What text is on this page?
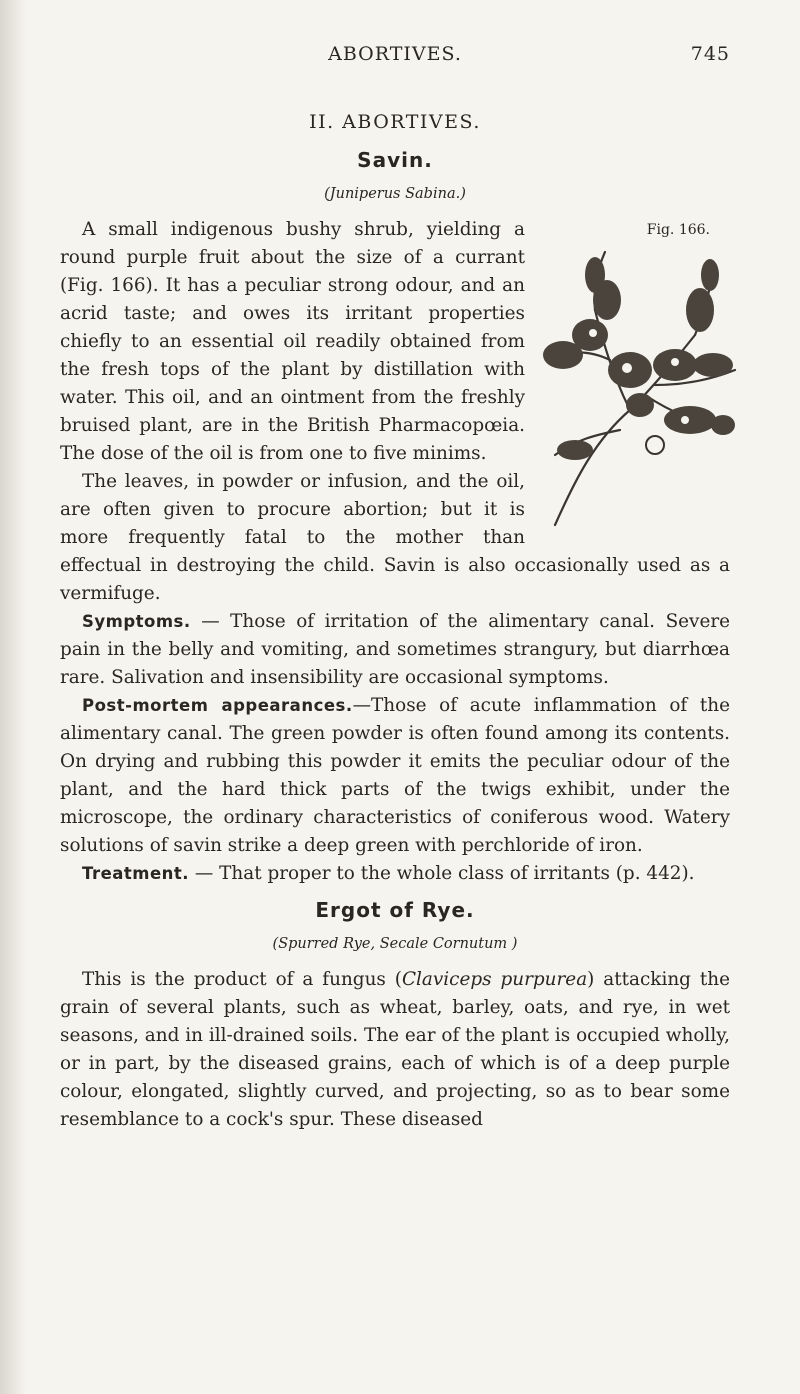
ABORTIVES.	745
II. ABORTIVES.
Savin.
(Juniperus Sabina.)
Fig. 166.

A small indigenous bushy shrub, yielding a round purple fruit about the size of a currant (Fig. 166). It has a peculiar strong odour, and an acrid taste; and owes its irritant properties chiefly to an essential oil readily obtained from the fresh tops of the plant by distillation with water. This oil, and an ointment from the freshly bruised plant, are in the British Pharmacopœia. The dose of the oil is from one to five minims.

The leaves, in powder or infusion, and the oil, are often given to procure abortion; but it is more frequently fatal to the mother than effectual in destroying the child. Savin is also occasionally used as a vermifuge.

Symptoms. — Those of irritation of the alimentary canal. Severe pain in the belly and vomiting, and sometimes strangury, but diarrhœa rare. Salivation and insensibility are occasional symptoms.

Post-mortem appearances.—Those of acute inflammation of the alimentary canal. The green powder is often found among its contents. On drying and rubbing this powder it emits the peculiar odour of the plant, and the hard thick parts of the twigs exhibit, under the microscope, the ordinary characteristics of coniferous wood. Watery solutions of savin strike a deep green with perchloride of iron.

Treatment. — That proper to the whole class of irritants (p. 442).

Ergot of Rye.
(Spurred Rye, Secale Cornutum )

This is the product of a fungus (Claviceps purpurea) attacking the grain of several plants, such as wheat, barley, oats, and rye, in wet seasons, and in ill-drained soils. The ear of the plant is occupied wholly, or in part, by the diseased grains, each of which is of a deep purple colour, elongated, slightly curved, and projecting, so as to bear some resemblance to a cock's spur. These diseased
